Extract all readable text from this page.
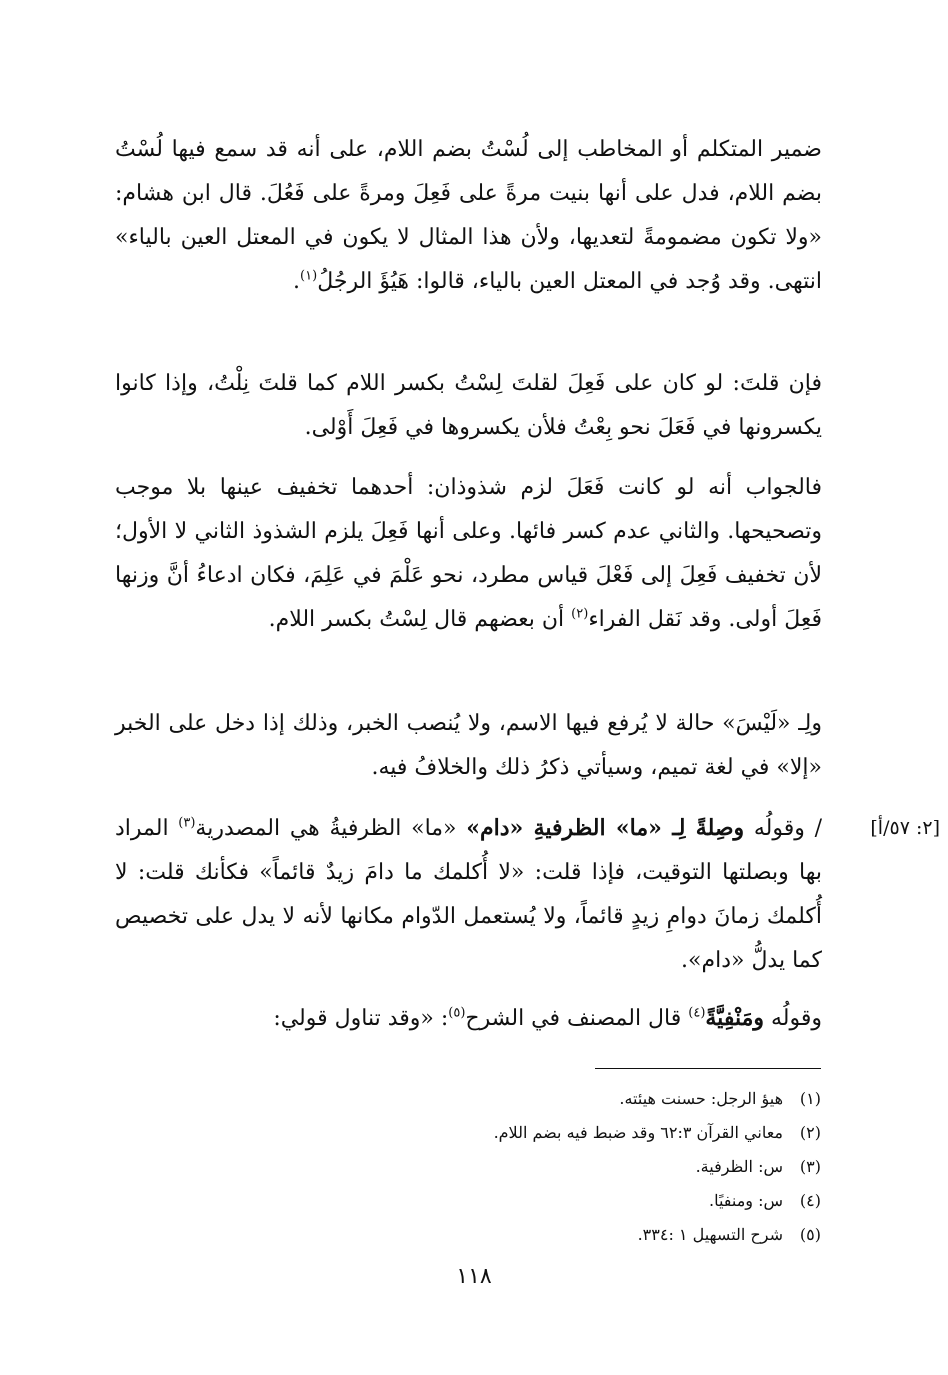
ضمير المتكلم أو المخاطب إلى لُسْتُ بضم اللام، على أنه قد سمع فيها لُسْتُ بضم اللام، فدل على أنها بنيت مرةً على فَعِلَ ومرةً على فَعُلَ. قال ابن هشام: «ولا تكون مضمومةً لتعديها، ولأن هذا المثال لا يكون في المعتل العين بالياء» انتهى. وقد وُجد في المعتل العين بالياء، قالوا: هَيُؤَ الرجُلُ$^{(١)}$.

فإن قلتَ: لو كان على فَعِلَ لقلتَ لِسْتُ بكسر اللام كما قلتَ نِلْتُ، وإذا كانوا يكسرونها في فَعَلَ نحو بِعْتُ فلأن يكسروها في فَعِلَ أَوْلى.

فالجواب أنه لو كانت فَعَلَ لزم شذوذان: أحدهما تخفيف عينها بلا موجب وتصحيحها. والثاني عدم كسر فائها. وعلى أنها فَعِلَ يلزم الشذوذ الثاني لا الأول؛ لأن تخفيف فَعِلَ إلى فَعْلَ قياس مطرد، نحو عَلْمَ في عَلِمَ، فكان ادعاءُ أنَّ وزنها فَعِلَ أولى. وقد نَقل الفراء$^{(٢)}$ أن بعضهم قال لِسْتُ بكسر اللام.

ولِـ «لَيْسَ» حالة لا يُرفع فيها الاسم، ولا يُنصب الخبر، وذلك إذا دخل على الخبر «إلا» في لغة تميم، وسيأتي ذكرُ ذلك والخلافُ فيه.

/ وقولُه وصِلةً لِـ «ما» الظرفيةِ «دام» «ما» الظرفيةُ هي المصدرية$^{(٣)}$ المراد بها وبصلتها التوقيت، فإذا قلت: «لا أُكلمك ما دامَ زيدٌ قائماً» فكأنك قلت: لا أُكلمك زمانَ دوامِ زيدٍ قائماً، ولا يُستعمل الدّوام مكانها لأنه لا يدل على تخصيص كما يدلُّ «دام».

وقولُه ومَنْفِيَّةً$^{(٤)}$ قال المصنف في الشرح$^{(٥)}$: «وقد تناول قولي:

[٢: ٥٧/أ]
(١)
هيؤ الرجل: حسنت هيئته.
(٢)
معاني القرآن ٦٢:٣ وقد ضبط فيه بضم اللام.
(٣)
س: الظرفية.
(٤)
س: ومنفيًا.
(٥)
شرح التسهيل ١ :٣٣٤.
١١٨
